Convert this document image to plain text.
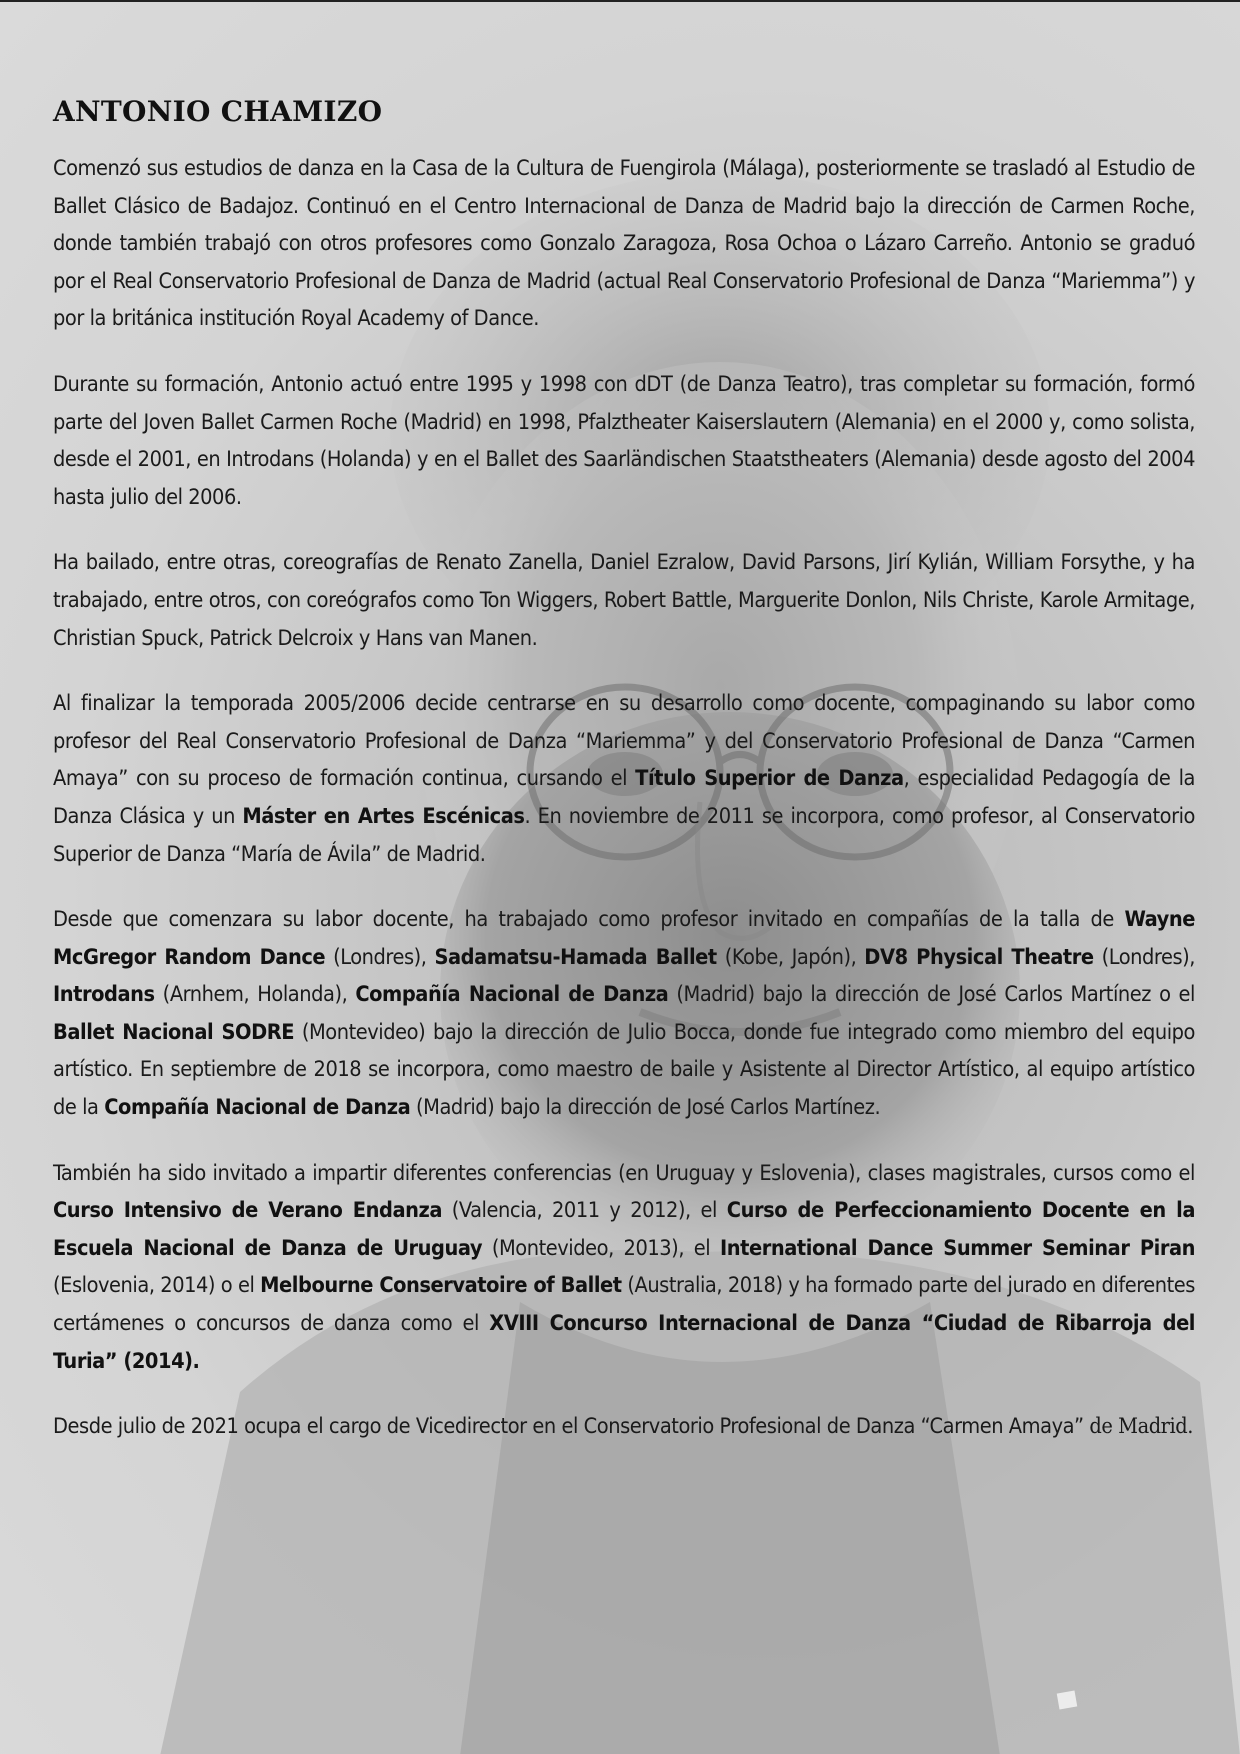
ANTONIO CHAMIZO

Comenzó sus estudios de danza en la Casa de la Cultura de Fuengirola (Málaga), posteriormente se trasladó al Estudio de Ballet Clásico de Badajoz. Continuó en el Centro Internacional de Danza de Madrid bajo la dirección de Carmen Roche, donde también trabajó con otros profesores como Gonzalo Zaragoza, Rosa Ochoa o Lázaro Carreño. Antonio se graduó por el Real Conservatorio Profesional de Danza de Madrid (actual Real Conservatorio Profesional de Danza “Mariemma”) y por la británica institución Royal Academy of Dance.

Durante su formación, Antonio actuó entre 1995 y 1998 con dDT (de Danza Teatro), tras completar su formación, formó parte del Joven Ballet Carmen Roche (Madrid) en 1998, Pfalztheater Kaiserslautern (Alemania) en el 2000 y, como solista, desde el 2001, en Introdans (Holanda) y en el Ballet des Saarländischen Staatstheaters (Alemania) desde agosto del 2004 hasta julio del 2006.

Ha bailado, entre otras, coreografías de Renato Zanella, Daniel Ezralow, David Parsons, Jirí Kylián, William Forsythe, y ha trabajado, entre otros, con coreógrafos como Ton Wiggers, Robert Battle, Marguerite Donlon, Nils Christe, Karole Armitage, Christian Spuck, Patrick Delcroix y Hans van Manen.

Al finalizar la temporada 2005/2006 decide centrarse en su desarrollo como docente, compaginando su labor como profesor del Real Conservatorio Profesional de Danza “Mariemma” y del Conservatorio Profesional de Danza “Carmen Amaya” con su proceso de formación continua, cursando el Título Superior de Danza, especialidad Pedagogía de la Danza Clásica y un Máster en Artes Escénicas. En noviembre de 2011 se incorpora, como profesor, al Conservatorio Superior de Danza “María de Ávila” de Madrid.

Desde que comenzara su labor docente, ha trabajado como profesor invitado en compañías de la talla de Wayne McGregor Random Dance (Londres), Sadamatsu-Hamada Ballet (Kobe, Japón), DV8 Physical Theatre (Londres), Introdans (Arnhem, Holanda), Compañía Nacional de Danza (Madrid) bajo la dirección de José Carlos Martínez o el Ballet Nacional SODRE (Montevideo) bajo la dirección de Julio Bocca, donde fue integrado como miembro del equipo artístico. En septiembre de 2018 se incorpora, como maestro de baile y Asistente al Director Artístico, al equipo artístico de la Compañía Nacional de Danza (Madrid) bajo la dirección de José Carlos Martínez.

También ha sido invitado a impartir diferentes conferencias (en Uruguay y Eslovenia), clases magistrales, cursos como el Curso Intensivo de Verano Endanza (Valencia, 2011 y 2012), el Curso de Perfeccionamiento Docente en la Escuela Nacional de Danza de Uruguay (Montevideo, 2013), el International Dance Summer Seminar Piran (Eslovenia, 2014) o el Melbourne Conservatoire of Ballet (Australia, 2018) y ha formado parte del jurado en diferentes certámenes o concursos de danza como el XVIII Concurso Internacional de Danza “Ciudad de Ribarroja del Turia” (2014).

Desde julio de 2021 ocupa el cargo de Vicedirector en el Conservatorio Profesional de Danza “Carmen Amaya” de Madrid.
